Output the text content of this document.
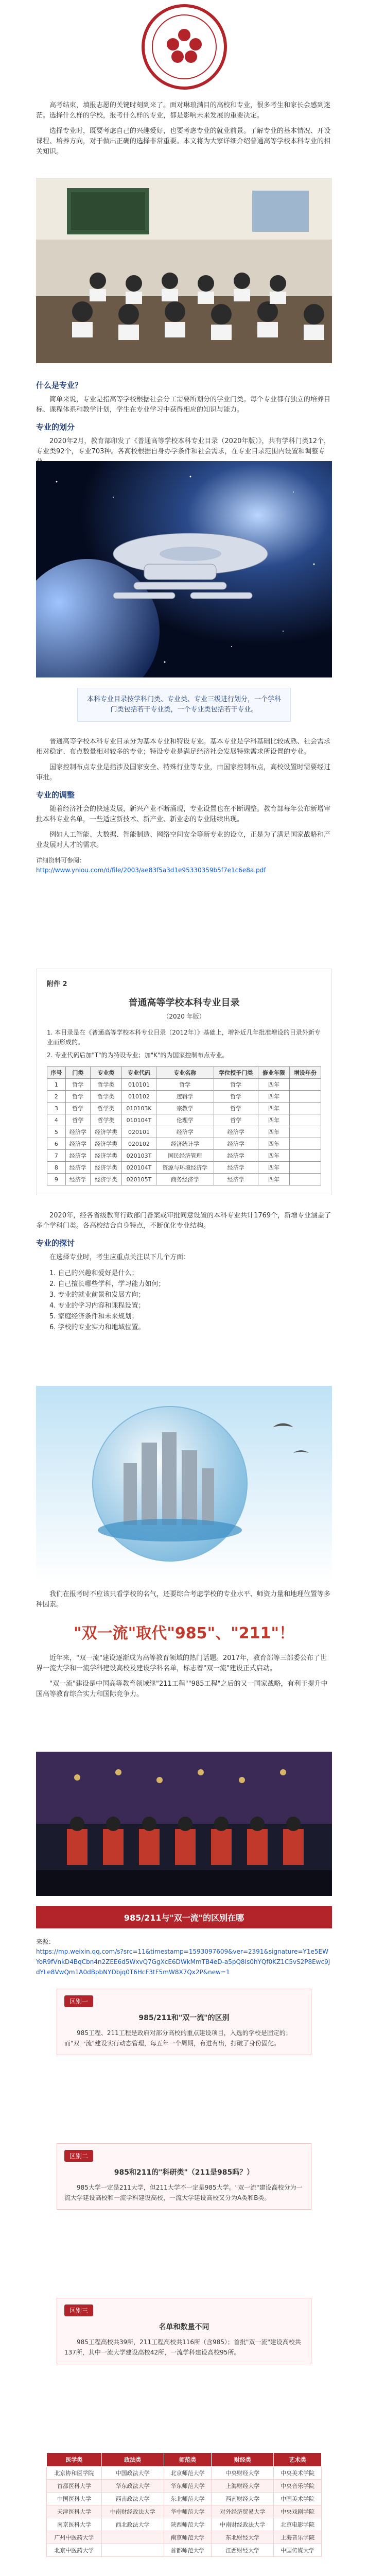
高考结束，填报志愿的关键时刻到来了。面对琳琅满目的高校和专业，很多考生和家长会感到迷茫。选择什么样的学校，报考什么样的专业，都是影响未来发展的重要决定。

选择专业时，既要考虑自己的兴趣爱好，也要考虑专业的就业前景。了解专业的基本情况、开设课程、培养方向，对于做出正确的选择非常重要。本文将为大家详细介绍普通高等学校本科专业的相关知识。

什么是专业？

简单来说，专业是指高等学校根据社会分工需要所划分的学业门类。每个专业都有独立的培养目标、课程体系和教学计划，学生在专业学习中获得相应的知识与能力。

专业的划分

2020年2月，教育部印发了《普通高等学校本科专业目录（2020年版）》，共有学科门类12个，专业类92个，专业703种。各高校根据自身办学条件和社会需求，在专业目录范围内设置和调整专

本科专业目录按学科门类、专业类、专业三级进行划分，一个学科门类包括若干专业类，一个专业类包括若干专业。

普通高等学校本科专业目录分为基本专业和特设专业。基本专业是学科基础比较成熟、社会需求相对稳定、布点数量相对较多的专业；特设专业是满足经济社会发展特殊需求所设置的专业。

国家控制布点专业是指涉及国家安全、特殊行业等专业，由国家控制布点，高校设置时需要经过审批。

专业的调整

随着经济社会的快速发展，新兴产业不断涌现，专业设置也在不断调整。教育部每年公布新增审批本科专业名单，一些适应新技术、新产业、新业态的专业陆续出现。

例如人工智能、大数据、智能制造、网络空间安全等新专业的设立，正是为了满足国家战略和产业发展对人才的需求。

详细资料可参阅：
http://www.ynlou.com/d/file/2003/ae83f5a3d1e95330359b5f7e1c6e8a.pdf
附件 2
普通高等学校本科专业目录
（2020 年版）
1. 本目录是在《普通高等学校本科专业目录（2012年）》基础上，增补近几年批准增设的目录外新专业而形成的。
2. 专业代码后加"T"的为特设专业；加"K"的为国家控制布点专业。
序号	门类	专业类	专业代码	专业名称	学位授予门类	修业年限	增设年份
1	哲学	哲学类	010101	哲学	哲学	四年	
2	哲学	哲学类	010102	逻辑学	哲学	四年	
3	哲学	哲学类	010103K	宗教学	哲学	四年	
4	哲学	哲学类	010104T	伦理学	哲学	四年	
5	经济学	经济学类	020101	经济学	经济学	四年	
6	经济学	经济学类	020102	经济统计学	经济学	四年	
7	经济学	经济学类	020103T	国民经济管理	经济学	四年	
8	经济学	经济学类	020104T	资源与环境经济学	经济学	四年	
9	经济学	经济学类	020105T	商务经济学	经济学	四年	

2020年，经各省级教育行政部门备案或审批同意设置的本科专业共计1769个，新增专业涵盖了多个学科门类。各高校结合自身特点，不断优化专业结构。

专业的探讨

在选择专业时，考生应重点关注以下几个方面：

1. 自己的兴趣和爱好是什么；
2. 自己擅长哪些学科，学习能力如何；
3. 专业的就业前景和发展方向；
4. 专业的学习内容和课程设置；
5. 家庭经济条件和未来规划；
6. 学校的专业实力和地域位置。

我们在报考时不应该只看学校的名气，还要综合考虑学校的专业水平、师资力量和地理位置等多种因素。

"双一流"取代"985"、"211"！

近年来，"双一流"建设逐渐成为高等教育领域的热门话题。2017年，教育部等三部委公布了世界一流大学和一流学科建设高校及建设学科名单，标志着"双一流"建设正式启动。

"双一流"建设是中国高等教育领域继"211工程""985工程"之后的又一国家战略，有利于提升中国高等教育综合实力和国际竞争力。

985/211与"双一流"的区别在哪
来源：
https://mp.weixin.qq.com/s?src=11&timestamp=1593097609&ver=2391&signature=Y1e5EWYoR9fVnkD4BqCbn4n2ZEE6d5WxvQ7GgXcE6DWkMmTB4eD-a5pQ8Is0hYQf0KZ1C5vS2P8Ewc9JdYLe8VwQm1A0dBpbNYDbjq0T6HcF3tF5mW8X7Qx2P&new=1
区别一
985/211和"双一流"的区别
985工程、211工程是政府对部分高校的重点建设项目，入选的学校是固定的；而"双一流"建设实行动态管理，每五年一个周期，有进有出，打破了身份固化。
区别二
985和211的"科研类"（211是985吗？）
985大学一定是211大学，但211大学不一定是985大学。"双一流"建设高校分为一流大学建设高校和一流学科建设高校，一流大学建设高校又分为A类和B类。
区别三
名单和数量不同
985工程高校共39所，211工程高校共116所（含985）；首批"双一流"建设高校共137所，其中一流大学建设高校42所，一流学科建设高校95所。
医学类	政法类	师范类	财经类	艺术类
北京协和医学院	中国政法大学	北京师范大学	中央财经大学	中央美术学院
首都医科大学	华东政法大学	华东师范大学	上海财经大学	中央音乐学院
中国医科大学	西南政法大学	东北师范大学	西南财经大学	中国美术学院
天津医科大学	中南财经政法大学	华中师范大学	对外经济贸易大学	中央戏剧学院
南京医科大学	西北政法大学	陕西师范大学	中南财经政法大学	北京电影学院
广州中医药大学		南京师范大学	东北财经大学	上海音乐学院
北京中医药大学		首都师范大学	江西财经大学	中国传媒大学
